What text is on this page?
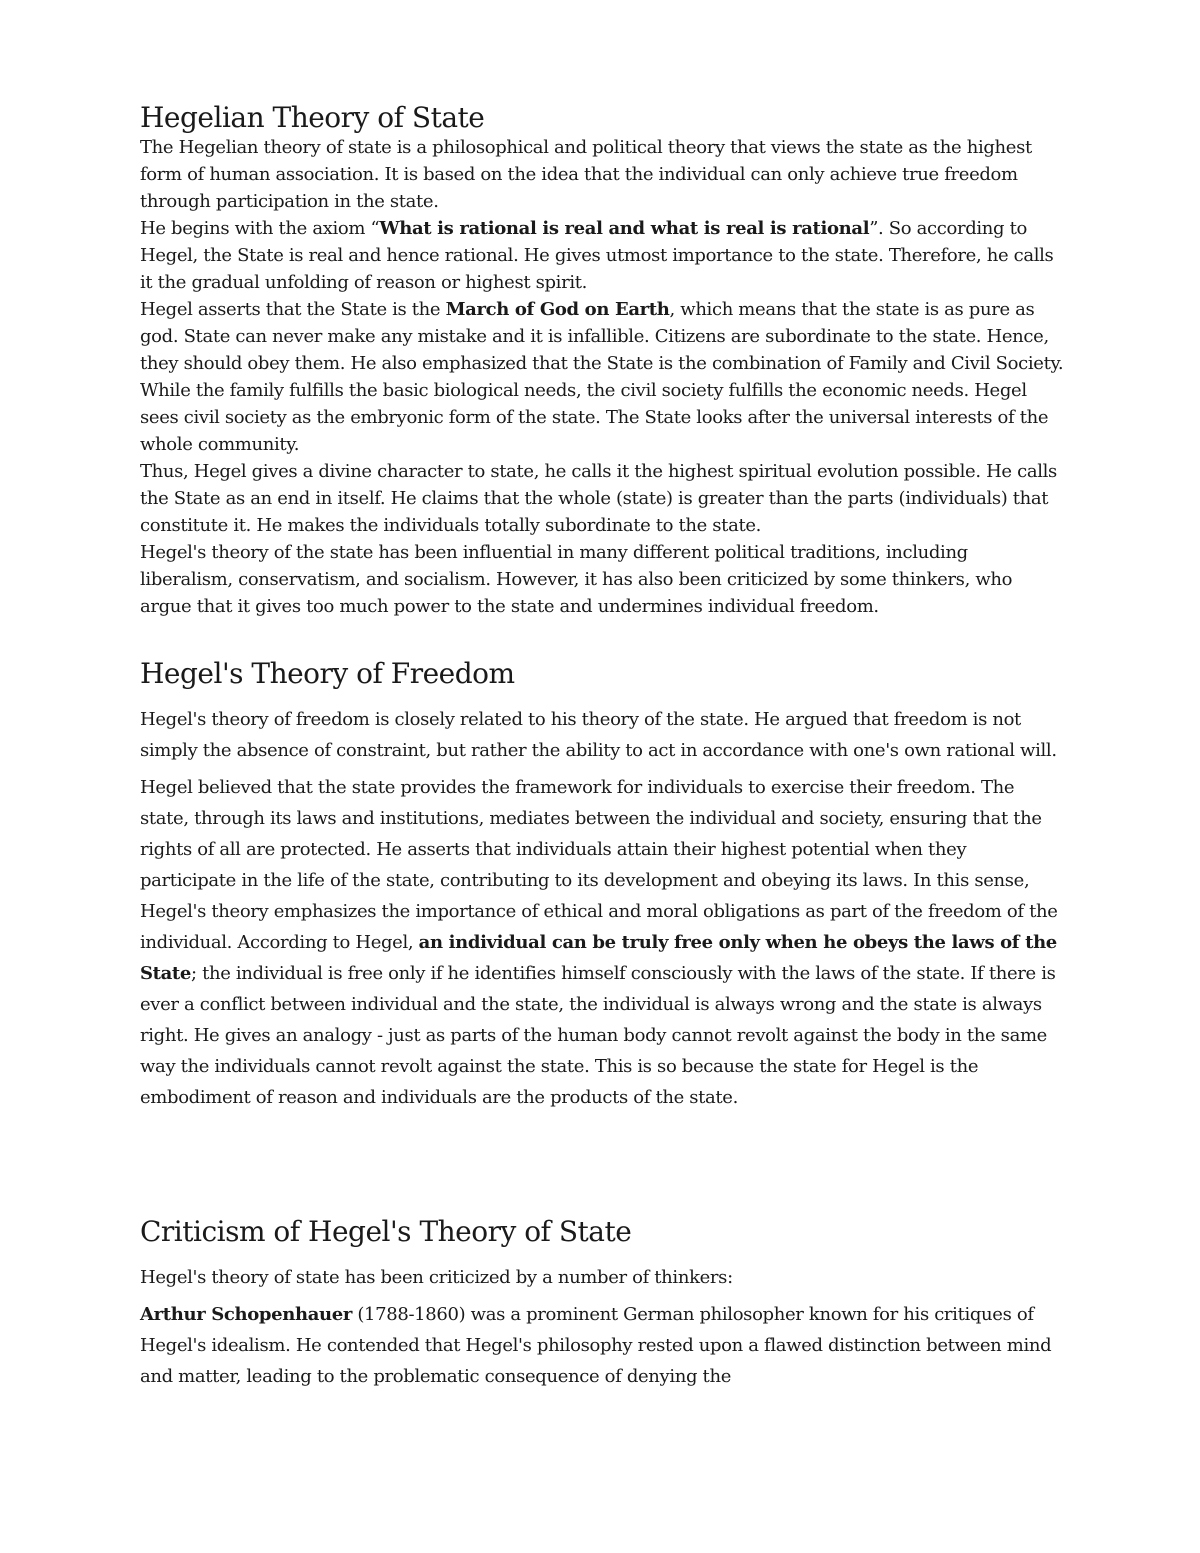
Hegelian Theory of State

The Hegelian theory of state is a philosophical and political theory that views the state as the highest form of human association. It is based on the idea that the individual can only achieve true freedom through participation in the state.

He begins with the axiom “What is rational is real and what is real is rational”. So according to Hegel, the State is real and hence rational. He gives utmost importance to the state. Therefore, he calls it the gradual unfolding of reason or highest spirit.

Hegel asserts that the State is the March of God on Earth, which means that the state is as pure as god. State can never make any mistake and it is infallible. Citizens are subordinate to the state. Hence, they should obey them. He also emphasized that the State is the combination of Family and Civil Society. While the family fulfills the basic biological needs, the civil society fulfills the economic needs. Hegel sees civil society as the embryonic form of the state. The State looks after the universal interests of the whole community.

Thus, Hegel gives a divine character to state, he calls it the highest spiritual evolution possible. He calls the State as an end in itself. He claims that the whole (state) is greater than the parts (individuals) that constitute it. He makes the individuals totally subordinate to the state.

Hegel's theory of the state has been influential in many different political traditions, including liberalism, conservatism, and socialism. However, it has also been criticized by some thinkers, who argue that it gives too much power to the state and undermines individual freedom.

Hegel's Theory of Freedom

Hegel's theory of freedom is closely related to his theory of the state. He argued that freedom is not simply the absence of constraint, but rather the ability to act in accordance with one's own rational will.

Hegel believed that the state provides the framework for individuals to exercise their freedom. The state, through its laws and institutions, mediates between the individual and society, ensuring that the rights of all are protected. He asserts that individuals attain their highest potential when they participate in the life of the state, contributing to its development and obeying its laws. In this sense, Hegel's theory emphasizes the importance of ethical and moral obligations as part of the freedom of the individual. According to Hegel, an individual can be truly free only when he obeys the laws of the State; the individual is free only if he identifies himself consciously with the laws of the state. If there is ever a conflict between individual and the state, the individual is always wrong and the state is always right. He gives an analogy - just as parts of the human body cannot revolt against the body in the same way the individuals cannot revolt against the state. This is so because the state for Hegel is the embodiment of reason and individuals are the products of the state.

Criticism of Hegel's Theory of State

Hegel's theory of state has been criticized by a number of thinkers:

Arthur Schopenhauer (1788-1860) was a prominent German philosopher known for his critiques of Hegel's idealism. He contended that Hegel's philosophy rested upon a flawed distinction between mind and matter, leading to the problematic consequence of denying the
